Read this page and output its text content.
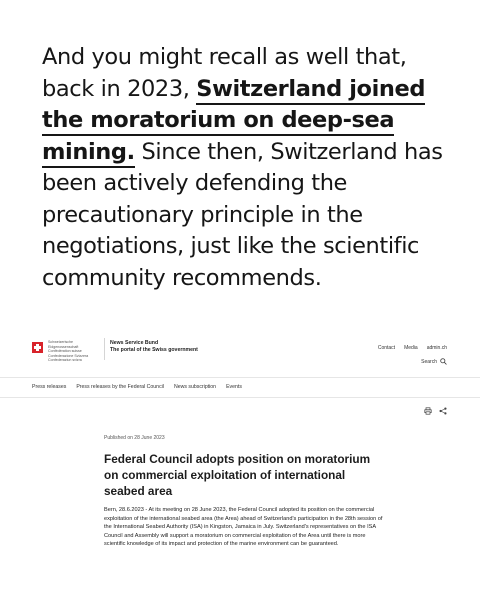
And you might recall as well that, back in 2023, Switzerland joined the moratorium on deep-sea mining. Since then, Switzerland has been actively defending the precautionary principle in the negotiations, just like the scientific community recommends.
Schweizerische Eidgenossenschaft
Confédération suisse
Confederazione Svizzera
Confederaziun svizra
News Service Bund
The portal of the Swiss government	Contact Media admin.ch
Search
Press releases Press releases by the Federal Council News subscription Events
Published on 28 June 2023
Federal Council adopts position on moratorium on commercial exploitation of international seabed area

Bern, 28.6.2023 - At its meeting on 28 June 2023, the Federal Council adopted its position on the commercial exploitation of the international seabed area (the Area) ahead of Switzerland's participation in the 28th session of the International Seabed Authority (ISA) in Kingston, Jamaica in July. Switzerland's representatives on the ISA Council and Assembly will support a moratorium on commercial exploitation of the Area until there is more scientific knowledge of its impact and protection of the marine environment can be guaranteed.
